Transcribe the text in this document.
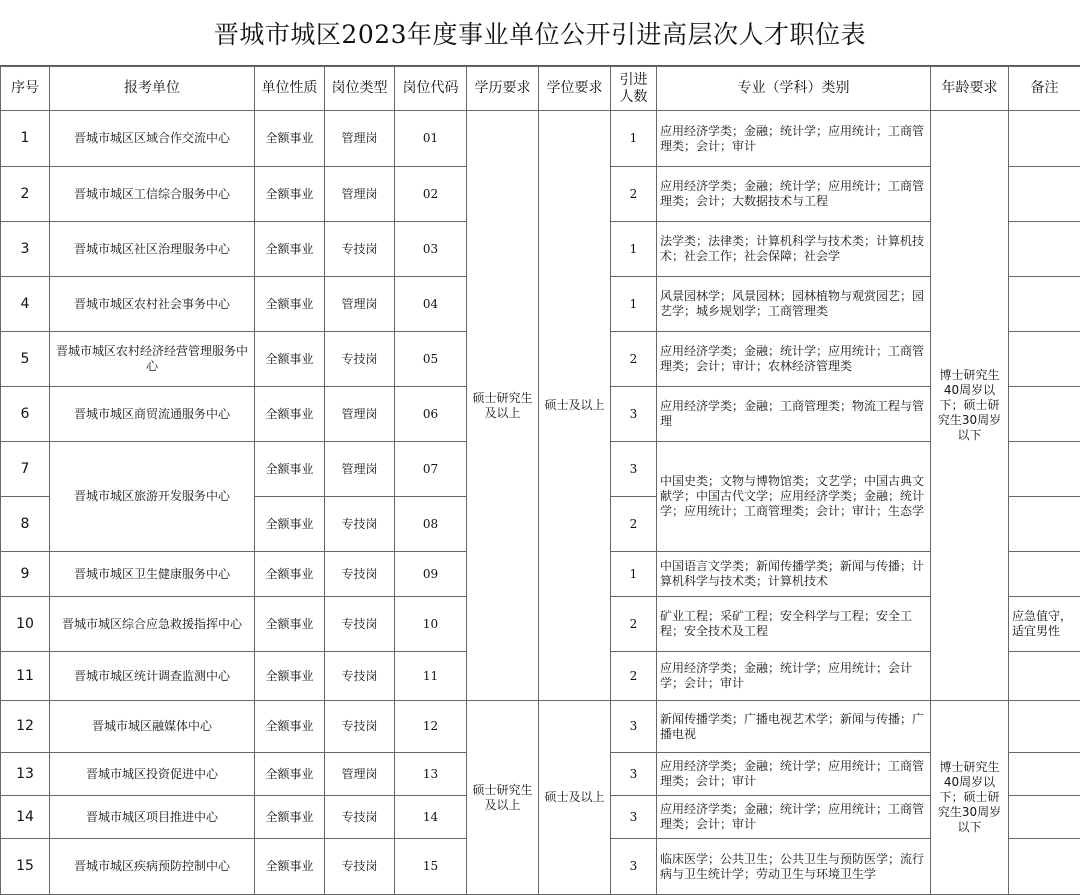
晋城市城区2023年度事业单位公开引进高层次人才职位表
序号	报考单位	单位性质	岗位类型	岗位代码	学历要求	学位要求	引进人数	专业（学科）类别	年龄要求	备注
1	晋城市城区区域合作交流中心	全额事业	管理岗	01	硕士研究生及以上	硕士及以上	1	应用经济学类；金融；统计学；应用统计；工商管理类；会计；审计	博士研究生40周岁以下；硕士研究生30周岁以下	
2	晋城市城区工信综合服务中心	全额事业	管理岗	02			2	应用经济学类；金融；统计学；应用统计；工商管理类；会计；大数据技术与工程		
3	晋城市城区社区治理服务中心	全额事业	专技岗	03			1	法学类；法律类；计算机科学与技术类；计算机技术；社会工作；社会保障；社会学		
4	晋城市城区农村社会事务中心	全额事业	管理岗	04			1	风景园林学；风景园林；园林植物与观赏园艺；园艺学；城乡规划学；工商管理类		
5	晋城市城区农村经济经营管理服务中心	全额事业	专技岗	05			2	应用经济学类；金融；统计学；应用统计；工商管理类；会计；审计；农林经济管理类		
6	晋城市城区商贸流通服务中心	全额事业	管理岗	06			3	应用经济学类；金融；工商管理类；物流工程与管理		
7	晋城市城区旅游开发服务中心	全额事业	管理岗	07			3	中国史类；文物与博物馆类；文艺学；中国古典文献学；中国古代文学；应用经济学类；金融；统计学；应用统计；工商管理类；会计；审计；生态学		
8		全额事业	专技岗	08			2			
9	晋城市城区卫生健康服务中心	全额事业	专技岗	09			1	中国语言文学类；新闻传播学类；新闻与传播；计算机科学与技术类；计算机技术		
10	晋城市城区综合应急救援指挥中心	全额事业	专技岗	10			2	矿业工程；采矿工程；安全科学与工程；安全工程；安全技术及工程		应急值守，适宜男性
11	晋城市城区统计调查监测中心	全额事业	专技岗	11			2	应用经济学类；金融；统计学；应用统计；会计学；会计；审计		
12	晋城市城区融媒体中心	全额事业	专技岗	12	硕士研究生及以上	硕士及以上	3	新闻传播学类；广播电视艺术学；新闻与传播；广播电视	博士研究生40周岁以下；硕士研究生30周岁以下	
13	晋城市城区投资促进中心	全额事业	管理岗	13			3	应用经济学类；金融；统计学；应用统计；工商管理类；会计；审计		
14	晋城市城区项目推进中心	全额事业	专技岗	14			3	应用经济学类；金融；统计学；应用统计；工商管理类；会计；审计		
15	晋城市城区疾病预防控制中心	全额事业	专技岗	15			3	临床医学；公共卫生；公共卫生与预防医学；流行病与卫生统计学；劳动卫生与环境卫生学		
